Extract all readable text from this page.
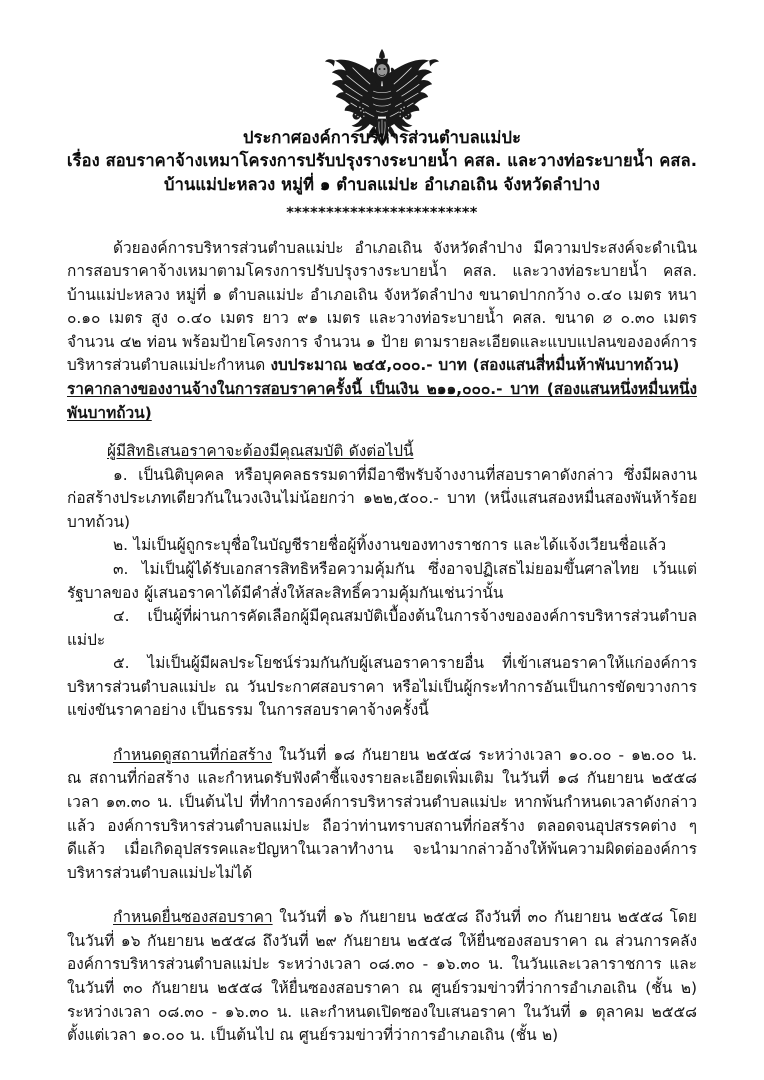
ประกาศองค์การบริหารส่วนตำบลแม่ปะ
เรื่อง สอบราคาจ้างเหมาโครงการปรับปรุงรางระบายน้ำ คสล. และวางท่อระบายน้ำ คสล.
บ้านแม่ปะหลวง หมู่ที่ ๑ ตำบลแม่ปะ อำเภอเถิน จังหวัดลำปาง
************************

ด้วยองค์การบริหารส่วนตำบลแม่ปะ อำเภอเถิน จังหวัดลำปาง มีความประสงค์จะดำเนินการสอบราคาจ้างเหมาตามโครงการปรับปรุงรางระบายน้ำ คสล. และวางท่อระบายน้ำ คสล. บ้านแม่ปะหลวง หมู่ที่ ๑ ตำบลแม่ปะ อำเภอเถิน จังหวัดลำปาง ขนาดปากกว้าง ๐.๔๐ เมตร หนา ๐.๑๐ เมตร สูง ๐.๔๐ เมตร ยาว ๙๑ เมตร และวางท่อระบายน้ำ คสล. ขนาด ⌀ ๐.๓๐ เมตร จำนวน ๔๒ ท่อน พร้อมป้ายโครงการ จำนวน ๑ ป้าย ตามรายละเอียดและแบบแปลนขององค์การบริหารส่วนตำบลแม่ปะกำหนด งบประมาณ ๒๔๕,๐๐๐.- บาท (สองแสนสี่หมื่นห้าพันบาทถ้วน)

ราคากลางของงานจ้างในการสอบราคาครั้งนี้ เป็นเงิน ๒๑๑,๐๐๐.- บาท (สองแสนหนึ่งหมื่นหนึ่งพันบาทถ้วน)

ผู้มีสิทธิเสนอราคาจะต้องมีคุณสมบัติ ดังต่อไปนี้

๑. เป็นนิติบุคคล หรือบุคคลธรรมดาที่มีอาชีพรับจ้างงานที่สอบราคาดังกล่าว ซึ่งมีผลงานก่อสร้างประเภทเดียวกันในวงเงินไม่น้อยกว่า ๑๒๒,๕๐๐.- บาท (หนึ่งแสนสองหมื่นสองพันห้าร้อยบาทถ้วน)

๒. ไม่เป็นผู้ถูกระบุชื่อในบัญชีรายชื่อผู้ทิ้งงานของทางราชการ และได้แจ้งเวียนชื่อแล้ว

๓. ไม่เป็นผู้ได้รับเอกสารสิทธิหรือความคุ้มกัน ซึ่งอาจปฏิเสธไม่ยอมขึ้นศาลไทย เว้นแต่รัฐบาลของ ผู้เสนอราคาได้มีคำสั่งให้สละสิทธิ์ความคุ้มกันเช่นว่านั้น

๔. เป็นผู้ที่ผ่านการคัดเลือกผู้มีคุณสมบัติเบื้องต้นในการจ้างขององค์การบริหารส่วนตำบลแม่ปะ

๕. ไม่เป็นผู้มีผลประโยชน์ร่วมกันกับผู้เสนอราคารายอื่น ที่เข้าเสนอราคาให้แก่องค์การบริหารส่วนตำบลแม่ปะ ณ วันประกาศสอบราคา หรือไม่เป็นผู้กระทำการอันเป็นการขัดขวางการแข่งขันราคาอย่าง เป็นธรรม ในการสอบราคาจ้างครั้งนี้

กำหนดดูสถานที่ก่อสร้าง ในวันที่ ๑๘ กันยายน ๒๕๕๘ ระหว่างเวลา ๑๐.๐๐ - ๑๒.๐๐ น. ณ สถานที่ก่อสร้าง และกำหนดรับฟังคำชี้แจงรายละเอียดเพิ่มเติม ในวันที่ ๑๘ กันยายน ๒๕๕๘ เวลา ๑๓.๓๐ น. เป็นต้นไป ที่ทำการองค์การบริหารส่วนตำบลแม่ปะ หากพ้นกำหนดเวลาดังกล่าวแล้ว องค์การบริหารส่วนตำบลแม่ปะ ถือว่าท่านทราบสถานที่ก่อสร้าง ตลอดจนอุปสรรคต่าง ๆ ดีแล้ว เมื่อเกิดอุปสรรคและปัญหาในเวลาทำงาน จะนำมากล่าวอ้างให้พ้นความผิดต่อองค์การบริหารส่วนตำบลแม่ปะไม่ได้

กำหนดยื่นซองสอบราคา ในวันที่ ๑๖ กันยายน ๒๕๕๘ ถึงวันที่ ๓๐ กันยายน ๒๕๕๘ โดยในวันที่ ๑๖ กันยายน ๒๕๕๘ ถึงวันที่ ๒๙ กันยายน ๒๕๕๘ ให้ยื่นซองสอบราคา ณ ส่วนการคลัง องค์การบริหารส่วนตำบลแม่ปะ ระหว่างเวลา ๐๘.๓๐ - ๑๖.๓๐ น. ในวันและเวลาราชการ และในวันที่ ๓๐ กันยายน ๒๕๕๘ ให้ยื่นซองสอบราคา ณ ศูนย์รวมข่าวที่ว่าการอำเภอเถิน (ชั้น ๒) ระหว่างเวลา ๐๘.๓๐ - ๑๖.๓๐ น. และกำหนดเปิดซองใบเสนอราคา ในวันที่ ๑ ตุลาคม ๒๕๕๘ ตั้งแต่เวลา ๑๐.๐๐ น. เป็นต้นไป ณ ศูนย์รวมข่าวที่ว่าการอำเภอเถิน (ชั้น ๒)
